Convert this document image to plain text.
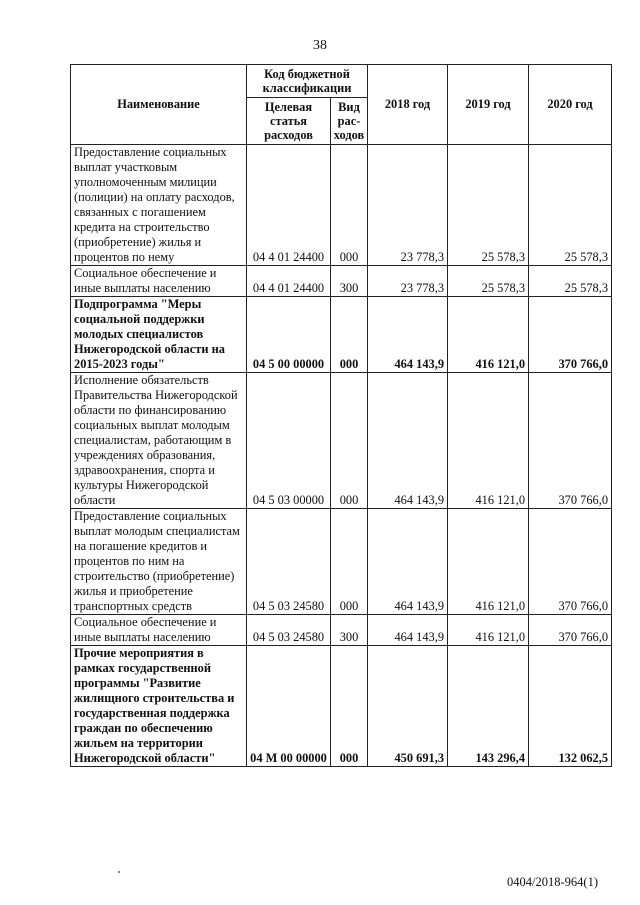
38
Наименование	Код бюджетной классификации		2018 год	2019 год	2020 год
	Целевая статья расходов	Вид рас-ходов			
Предоставление социальных выплат участковым уполномоченным милиции (полиции) на оплату расходов, связанных с погашением кредита на строительство (приобретение) жилья и процентов по нему	04 4 01 24400	000	23 778,3	25 578,3	25 578,3
Социальное обеспечение и иные выплаты населению	04 4 01 24400	300	23 778,3	25 578,3	25 578,3
Подпрограмма "Меры социальной поддержки молодых специалистов Нижегородской области на 2015-2023 годы"	04 5 00 00000	000	464 143,9	416 121,0	370 766,0
Исполнение обязательств Правительства Нижегородской области по финансированию социальных выплат молодым специалистам, работающим в учреждениях образования, здравоохранения, спорта и культуры Нижегородской области	04 5 03 00000	000	464 143,9	416 121,0	370 766,0
Предоставление социальных выплат молодым специалистам на погашение кредитов и процентов по ним на строительство (приобретение) жилья и приобретение транспортных средств	04 5 03 24580	000	464 143,9	416 121,0	370 766,0
Социальное обеспечение и иные выплаты населению	04 5 03 24580	300	464 143,9	416 121,0	370 766,0
Прочие мероприятия в рамках государственной программы "Развитие жилищного строительства и государственная поддержка граждан по обеспечению жильем на территории Нижегородской области"	04 М 00 00000	000	450 691,3	143 296,4	132 062,5
0404/2018-964(1)
